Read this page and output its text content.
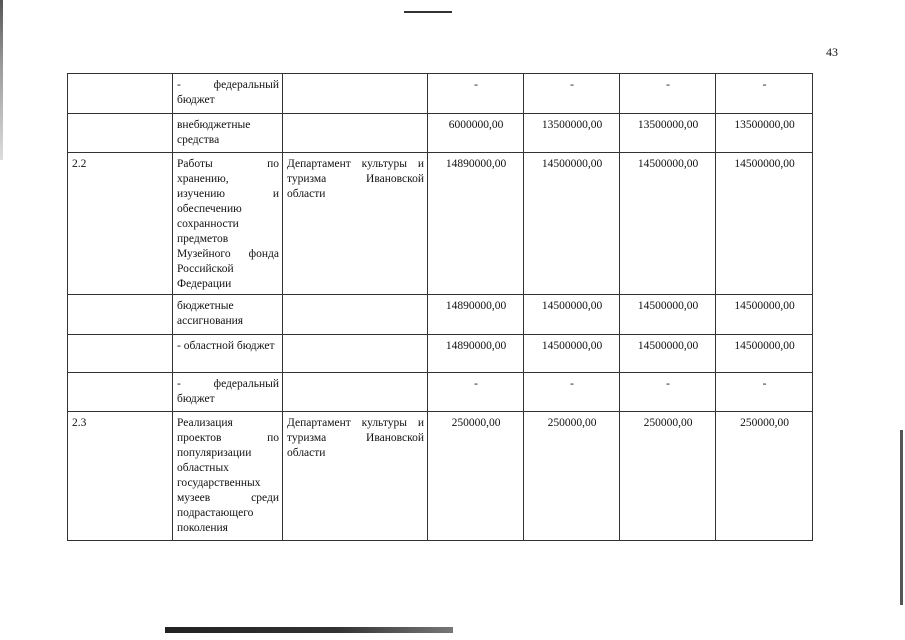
43
	- федеральный бюджет		-	-	-	-
	внебюджетные средства		6000000,00	13500000,00	13500000,00	13500000,00
2.2	Работы по хранению, изучению и обеспечению сохранности предметов Музейного фонда Российской Федерации	Департамент культуры и туризма Ивановской области	14890000,00	14500000,00	14500000,00	14500000,00
	бюджетные ассигнования		14890000,00	14500000,00	14500000,00	14500000,00
	- областной бюджет		14890000,00	14500000,00	14500000,00	14500000,00
	- федеральный бюджет		-	-	-	-
2.3	Реализация проектов по популяризации областных государственных музеев среди подрастающего поколения	Департамент культуры и туризма Ивановской области	250000,00	250000,00	250000,00	250000,00
